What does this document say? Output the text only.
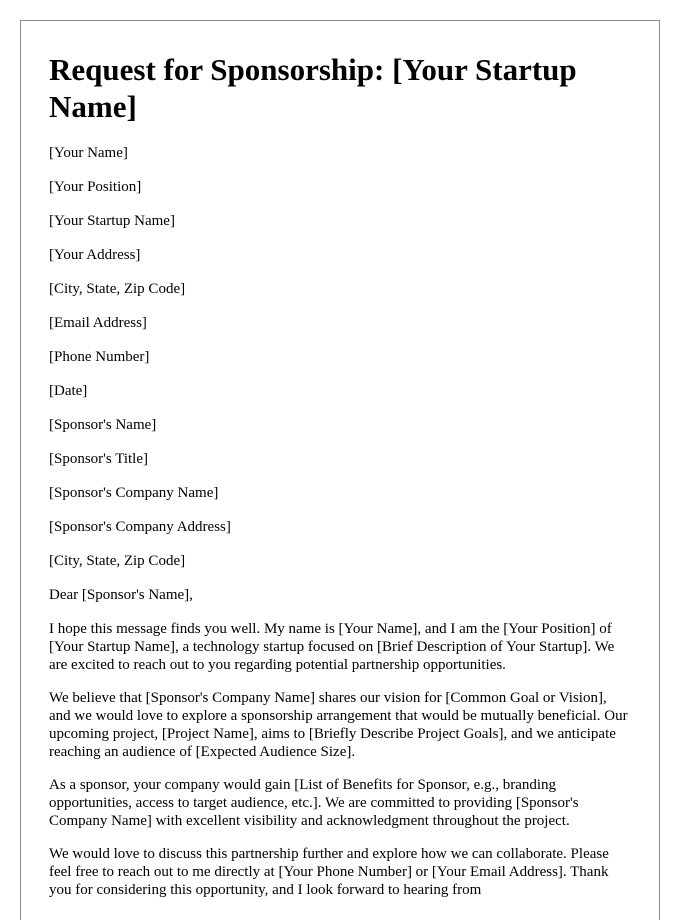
Request for Sponsorship: [Your Startup Name]

[Your Name]

[Your Position]

[Your Startup Name]

[Your Address]

[City, State, Zip Code]

[Email Address]

[Phone Number]

[Date]

[Sponsor's Name]

[Sponsor's Title]

[Sponsor's Company Name]

[Sponsor's Company Address]

[City, State, Zip Code]

Dear [Sponsor's Name],

I hope this message finds you well. My name is [Your Name], and I am the [Your Position] of [Your Startup Name], a technology startup focused on [Brief Description of Your Startup]. We are excited to reach out to you regarding potential partnership opportunities.

We believe that [Sponsor's Company Name] shares our vision for [Common Goal or Vision], and we would love to explore a sponsorship arrangement that would be mutually beneficial. Our upcoming project, [Project Name], aims to [Briefly Describe Project Goals], and we anticipate reaching an audience of [Expected Audience Size].

As a sponsor, your company would gain [List of Benefits for Sponsor, e.g., branding opportunities, access to target audience, etc.]. We are committed to providing [Sponsor's Company Name] with excellent visibility and acknowledgment throughout the project.

We would love to discuss this partnership further and explore how we can collaborate. Please feel free to reach out to me directly at [Your Phone Number] or [Your Email Address]. Thank you for considering this opportunity, and I look forward to hearing from
